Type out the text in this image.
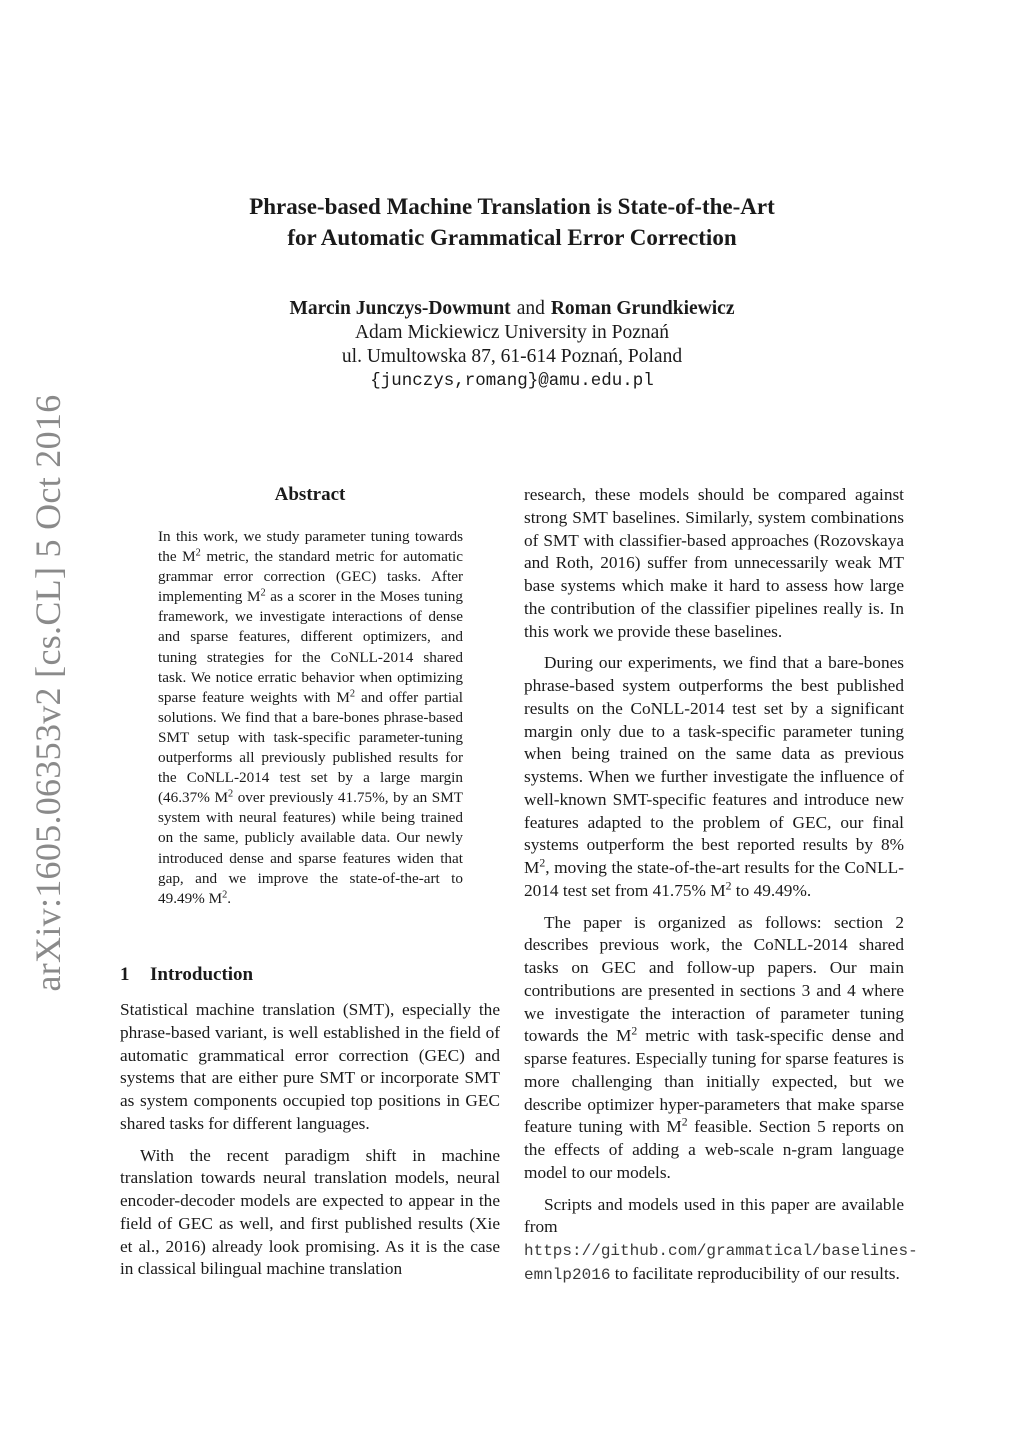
arXiv:1605.06353v2 [cs.CL] 5 Oct 2016
Phrase-based Machine Translation is State-of-the-Art
for Automatic Grammatical Error Correction
Marcin Junczys-Dowmunt and Roman Grundkiewicz
Adam Mickiewicz University in Poznań
ul. Umultowska 87, 61-614 Poznań, Poland
{junczys,romang}@amu.edu.pl
Abstract
In this work, we study parameter tuning towards the $M^2$ metric, the standard metric for automatic grammar error correction (GEC) tasks. After implementing $M^2$ as a scorer in the Moses tuning framework, we investigate interactions of dense and sparse features, different optimizers, and tuning strategies for the CoNLL-2014 shared task. We notice erratic behavior when optimizing sparse feature weights with $M^2$ and offer partial solutions. We find that a bare-bones phrase-based SMT setup with task-specific parameter-tuning outperforms all previously published results for the CoNLL-2014 test set by a large margin (46.37% $M^2$ over previously 41.75%, by an SMT system with neural features) while being trained on the same, publicly available data. Our newly introduced dense and sparse features widen that gap, and we improve the state-of-the-art to 49.49% $M^2$.
1 Introduction

Statistical machine translation (SMT), especially the phrase-based variant, is well established in the field of automatic grammatical error correction (GEC) and systems that are either pure SMT or incorporate SMT as system components occupied top positions in GEC shared tasks for different languages.

With the recent paradigm shift in machine translation towards neural translation models, neural encoder-decoder models are expected to appear in the field of GEC as well, and first published results (Xie et al., 2016) already look promising. As it is the case in classical bilingual machine translation

research, these models should be compared against strong SMT baselines. Similarly, system combinations of SMT with classifier-based approaches (Rozovskaya and Roth, 2016) suffer from unnecessarily weak MT base systems which make it hard to assess how large the contribution of the classifier pipelines really is. In this work we provide these baselines.

During our experiments, we find that a bare-bones phrase-based system outperforms the best published results on the CoNLL-2014 test set by a significant margin only due to a task-specific parameter tuning when being trained on the same data as previous systems. When we further investigate the influence of well-known SMT-specific features and introduce new features adapted to the problem of GEC, our final systems outperform the best reported results by 8% $M^2$, moving the state-of-the-art results for the CoNLL-2014 test set from 41.75% $M^2$ to 49.49%.

The paper is organized as follows: section 2 describes previous work, the CoNLL-2014 shared tasks on GEC and follow-up papers. Our main contributions are presented in sections 3 and 4 where we investigate the interaction of parameter tuning towards the $M^2$ metric with task-specific dense and sparse features. Especially tuning for sparse features is more challenging than initially expected, but we describe optimizer hyper-parameters that make sparse feature tuning with $M^2$ feasible. Section 5 reports on the effects of adding a web-scale n-gram language model to our models.

Scripts and models used in this paper are available from https://github.com/grammatical/baselines-emnlp2016 to facilitate reproducibility of our results.
